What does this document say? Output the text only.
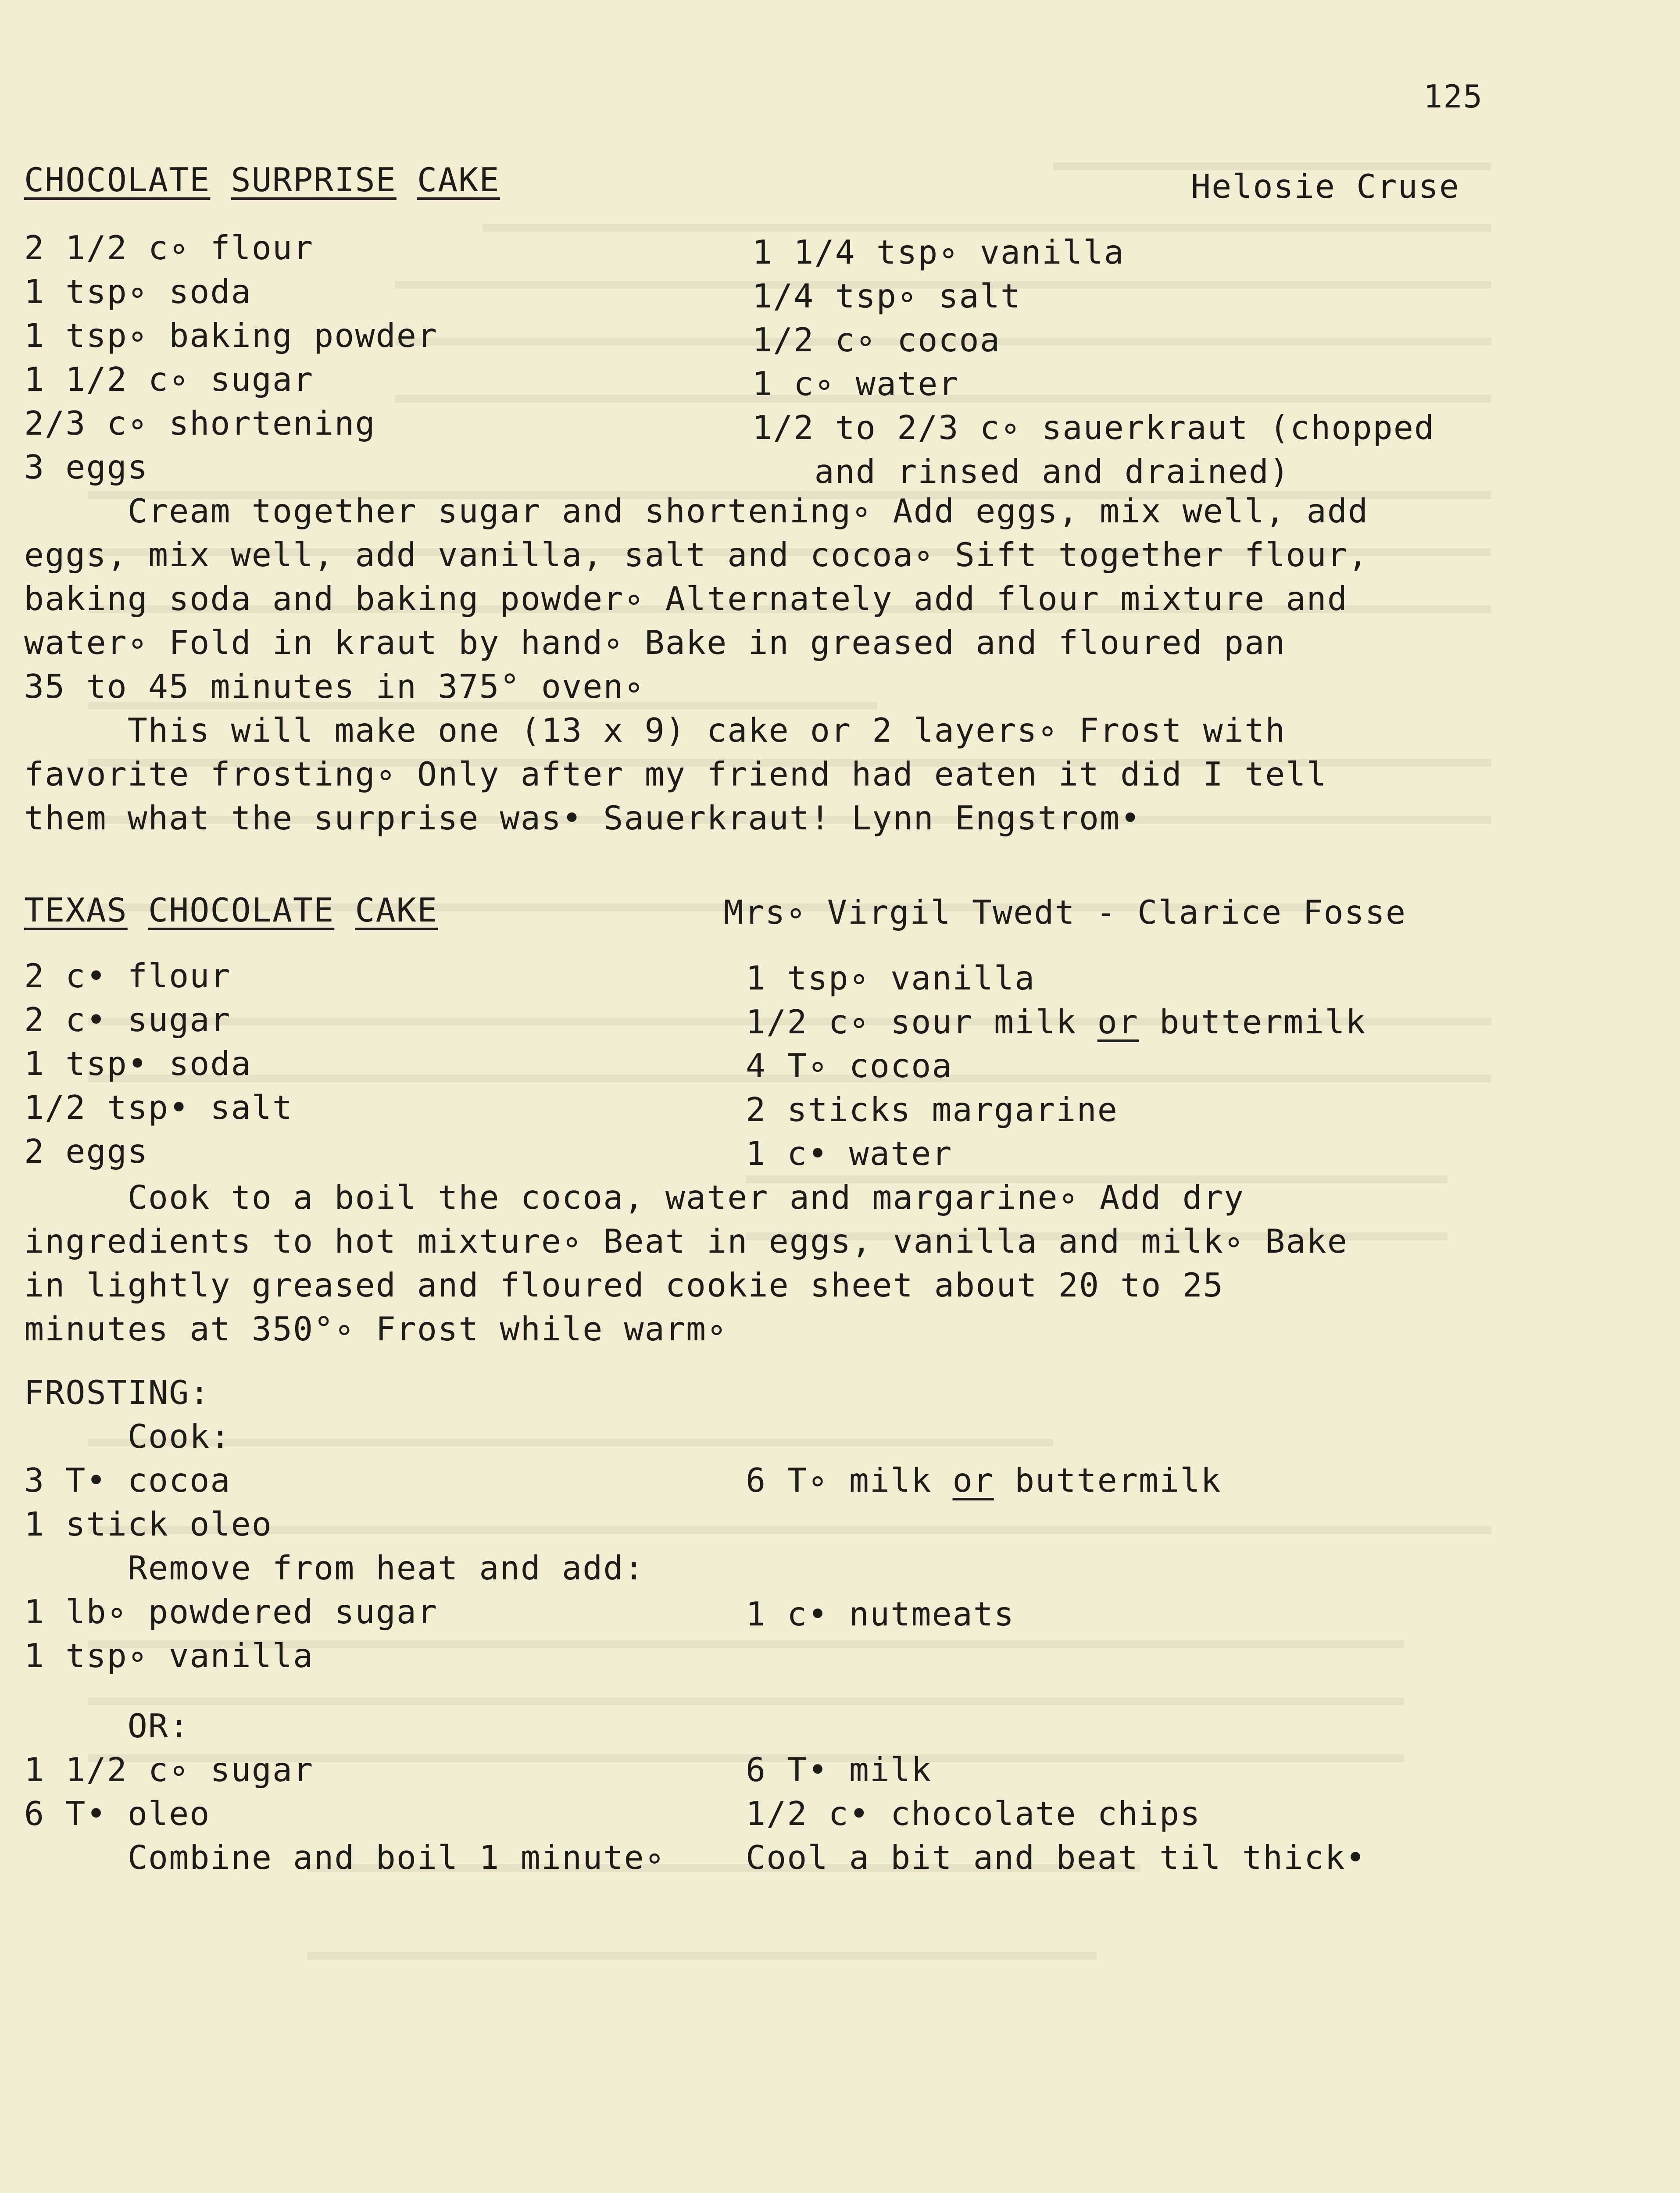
125
CHOCOLATE SURPRISE CAKE	Helosie Cruse
2 1/2 c∘ flour
1 tsp∘ soda
1 tsp∘ baking powder
1 1/2 c∘ sugar
2/3 c∘ shortening
3 eggs
1 1/4 tsp∘ vanilla
1/4 tsp∘ salt
1/2 c∘ cocoa
1 c∘ water
1/2 to 2/3 c∘ sauerkraut (chopped
and rinsed and drained)
Cream together sugar and shortening∘ Add eggs, mix well, add
eggs, mix well, add vanilla, salt and cocoa∘ Sift together flour,
baking soda and baking powder∘ Alternately add flour mixture and
water∘ Fold in kraut by hand∘ Bake in greased and floured pan
35 to 45 minutes in 375° oven∘
This will make one (13 x 9) cake or 2 layers∘ Frost with
favorite frosting∘ Only after my friend had eaten it did I tell
them what the surprise was• Sauerkraut! Lynn Engstrom•
TEXAS CHOCOLATE CAKE	Mrs∘ Virgil Twedt - Clarice Fosse
2 c• flour
2 c• sugar
1 tsp• soda
1/2 tsp• salt
2 eggs
1 tsp∘ vanilla
1/2 c∘ sour milk or buttermilk
4 T∘ cocoa
2 sticks margarine
1 c• water
Cook to a boil the cocoa, water and margarine∘ Add dry
ingredients to hot mixture∘ Beat in eggs, vanilla and milk∘ Bake
in lightly greased and floured cookie sheet about 20 to 25
minutes at 350°∘ Frost while warm∘
FROSTING:
Cook:
3 T• cocoa
1 stick oleo
6 T∘ milk or buttermilk
Remove from heat and add:
1 lb∘ powdered sugar
1 tsp∘ vanilla
1 c• nutmeats
OR:
1 1/2 c∘ sugar
6 T• oleo
6 T• milk
1/2 c• chocolate chips
Combine and boil 1 minute∘ Cool a bit and beat til thick•
